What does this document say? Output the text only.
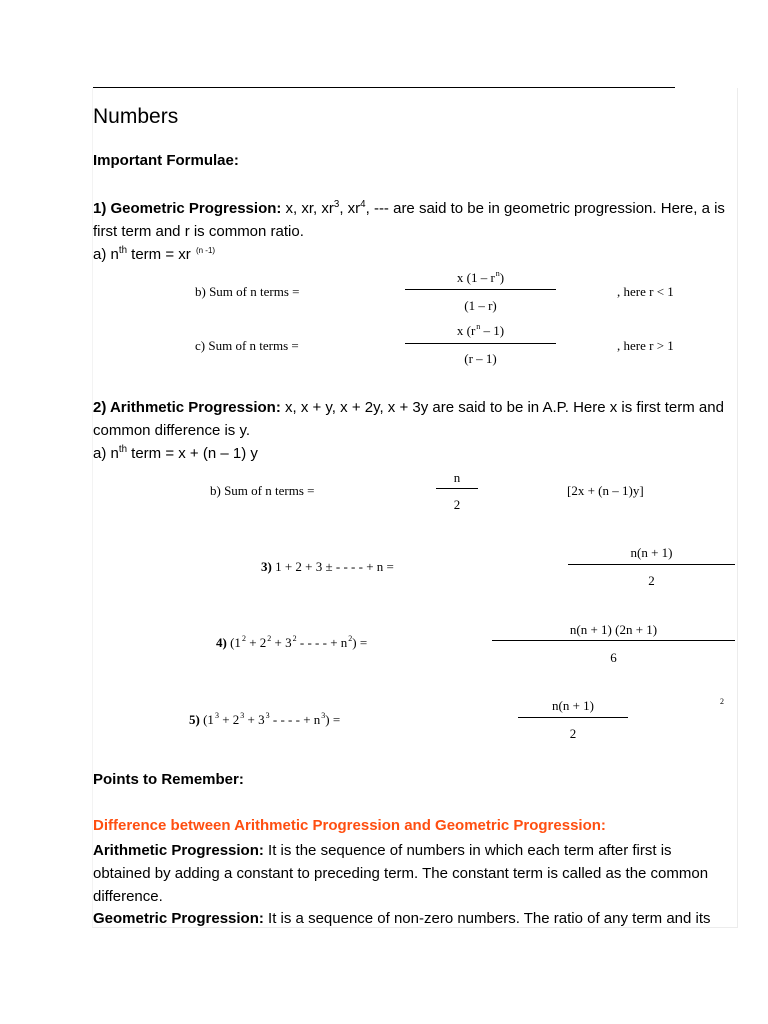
Numbers
Important Formulae:
1) Geometric Progression: x, xr, $xr^3$, $xr^4$, --- are said to be in geometric progression. Here, a is first term and r is common ratio.
a) $n^{th}$ term = xr $^{(n -1)}$
b) Sum of n terms =
x $(1 - r^n)$
(1 – r)
, here r < 1
c) Sum of n terms =
x $(r^n - 1)$
(r – 1)
, here r > 1
2) Arithmetic Progression: x, x + y, x + 2y, x + 3y are said to be in A.P. Here x is first term and common difference is y.
a) $n^{th}$ term = x + (n – 1) y
b) Sum of n terms =
n
2
[2x + (n – 1)y]
3) 1 + 2 + 3 ± - - - - + n =
n(n + 1)
2
4) ($1^2 + 2^2 + 3^2$ - - - - + $n^2$) =
n(n + 1) (2n + 1)
6
5) ($1^3 + 2^3 + 3^3$ - - - - + $n^3$) =
n(n + 1)
2
2
Points to Remember:
Difference between Arithmetic Progression and Geometric Progression:
Arithmetic Progression: It is the sequence of numbers in which each term after first is obtained by adding a constant to preceding term. The constant term is called as the common difference.
Geometric Progression: It is a sequence of non-zero numbers. The ratio of any term and its
